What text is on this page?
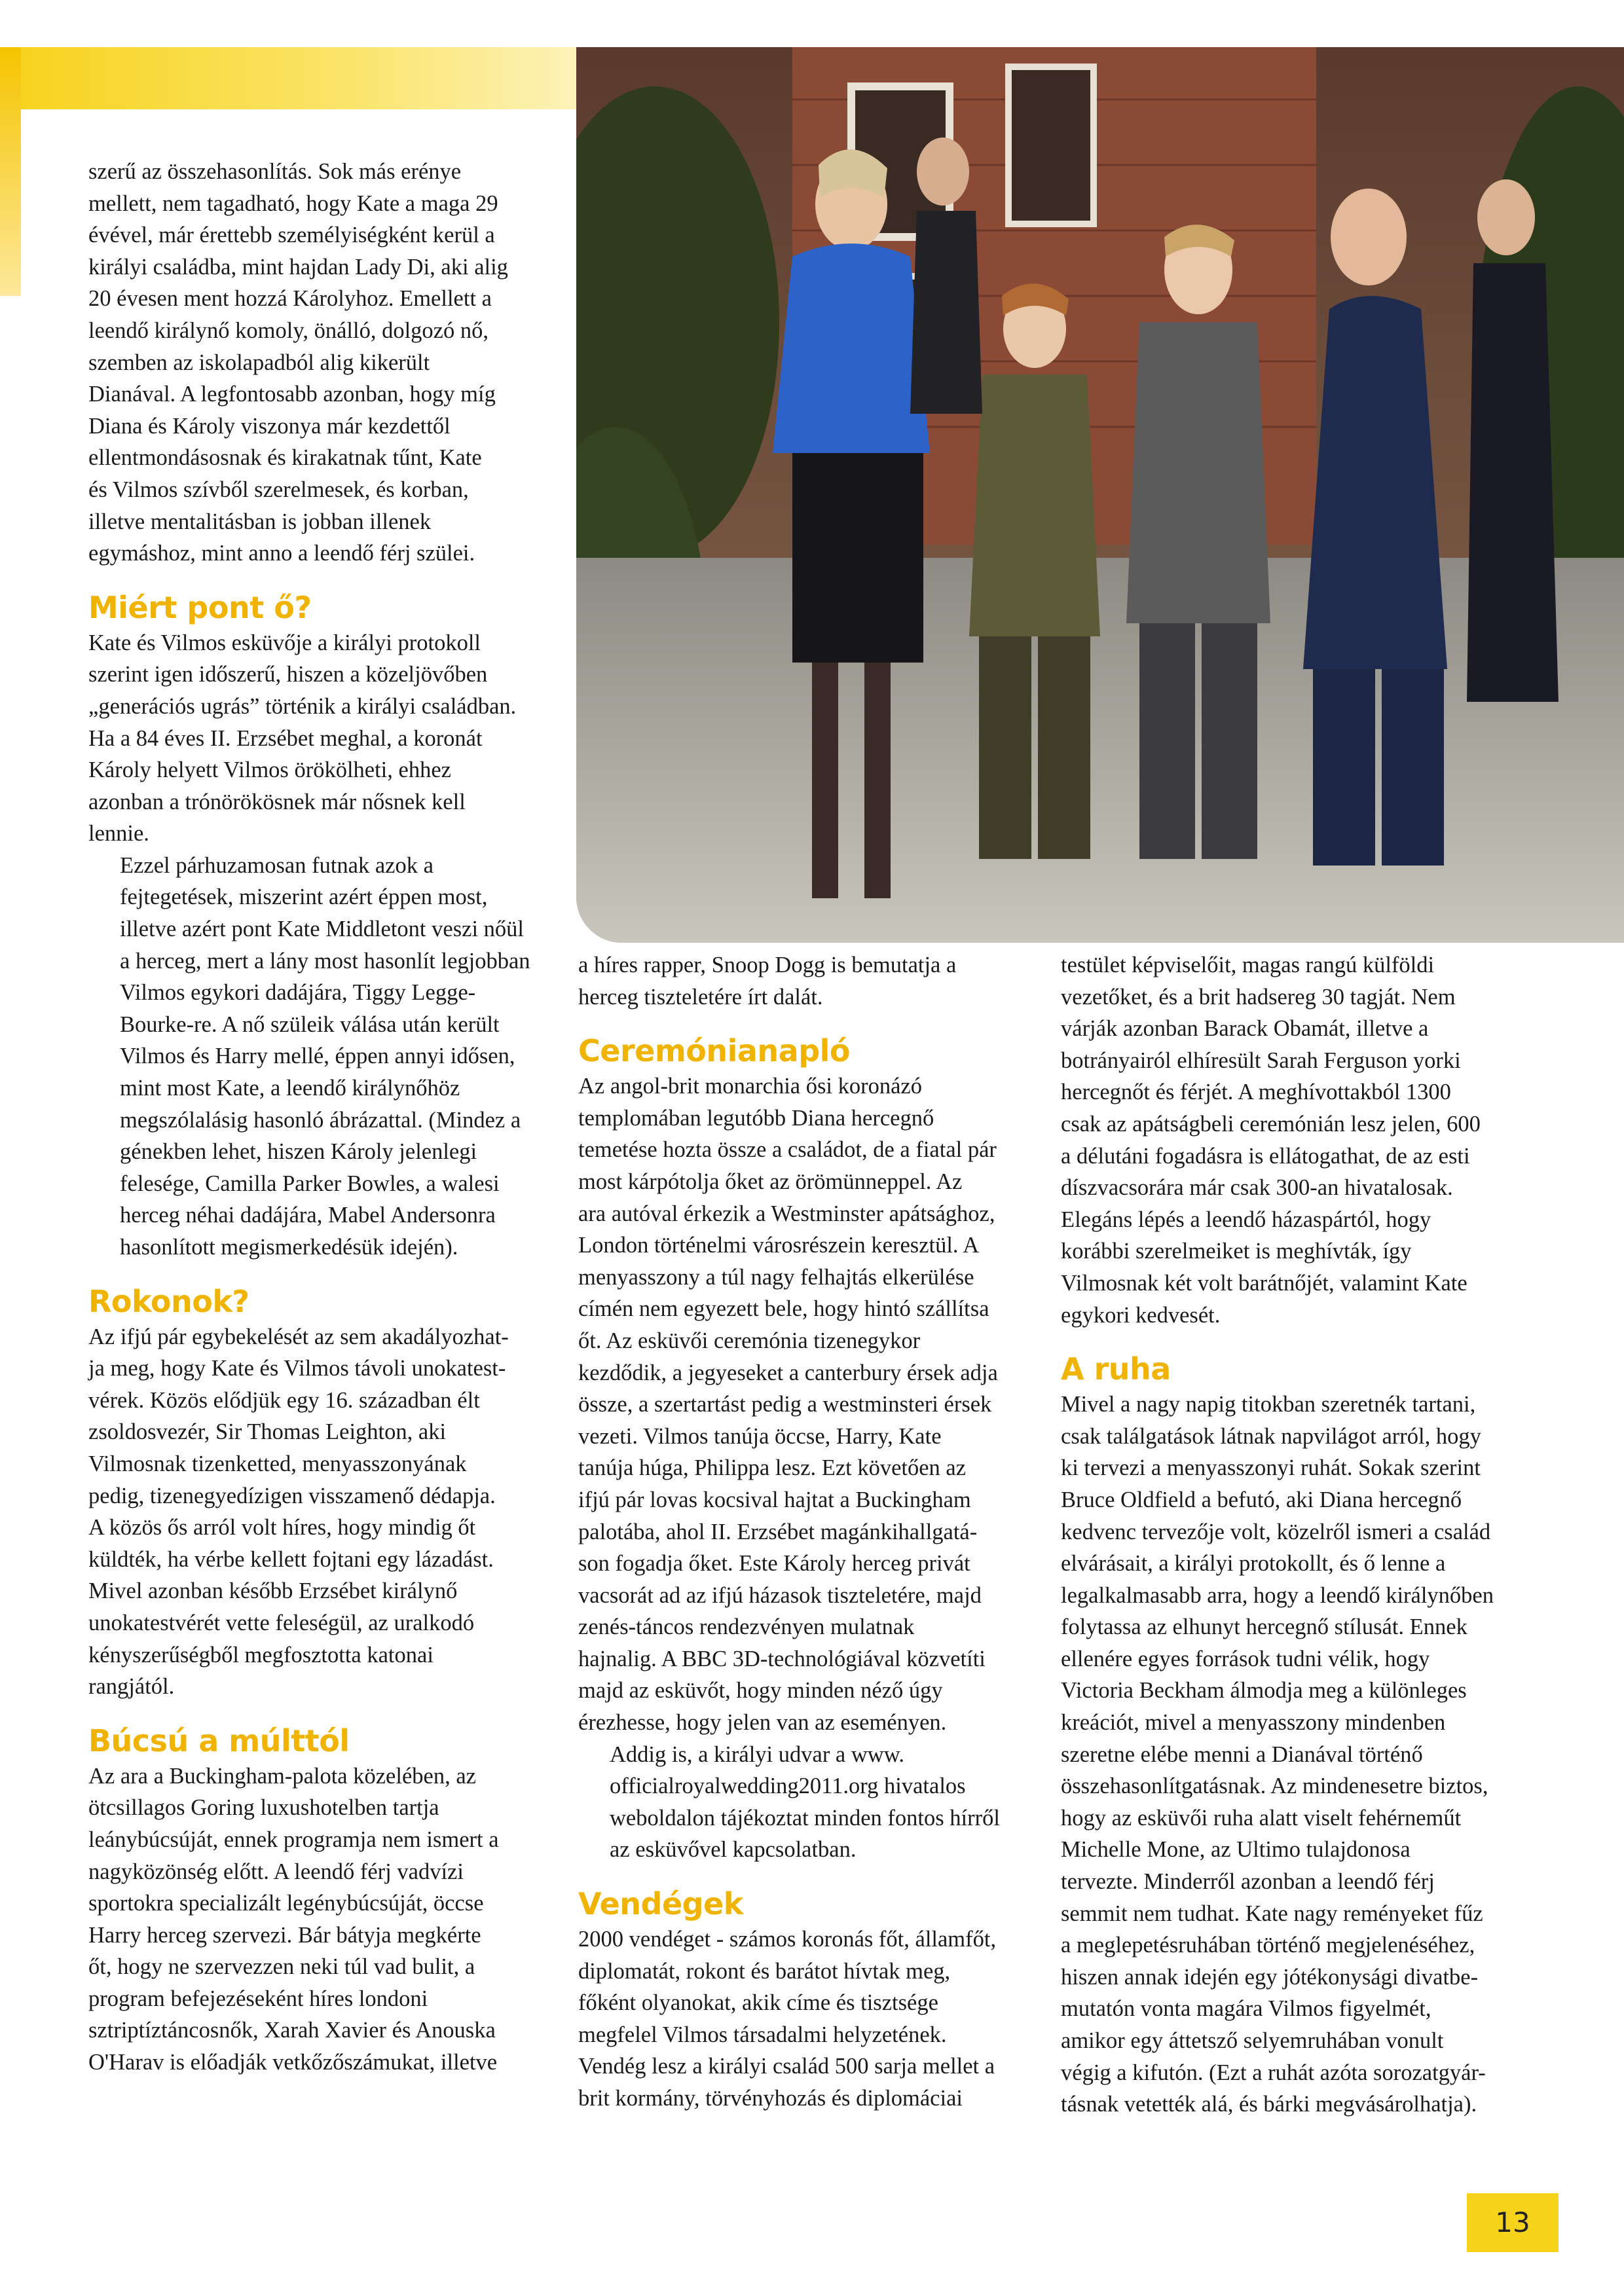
szerű az összehasonlítás. Sok más erénye
mellett, nem tagadható, hogy Kate a maga 29
évével, már érettebb személyiségként kerül a
királyi családba, mint hajdan Lady Di, aki alig
20 évesen ment hozzá Károlyhoz. Emellett a
leendő királynő komoly, önálló, dolgozó nő,
szemben az iskolapadból alig kikerült
Dianával. A legfontosabb azonban, hogy míg
Diana és Károly viszonya már kezdettől
ellentmondásosnak és kirakatnak tűnt, Kate
és Vilmos szívből szerelmesek, és korban,
illetve mentalitásban is jobban illenek
egymáshoz, mint anno a leendő férj szülei.

Miért pont ő?

Kate és Vilmos esküvője a királyi protokoll
szerint igen időszerű, hiszen a közeljövőben
„generációs ugrás” történik a királyi családban.
Ha a 84 éves II. Erzsébet meghal, a koronát
Károly helyett Vilmos örökölheti, ehhez
azonban a trónörökösnek már nősnek kell
lennie.

Ezzel párhuzamosan futnak azok a
fejtegetések, miszerint azért éppen most,
illetve azért pont Kate Middletont veszi nőül
a herceg, mert a lány most hasonlít legjobban
Vilmos egykori dadájára, Tiggy Legge-
Bourke-re. A nő szüleik válása után került
Vilmos és Harry mellé, éppen annyi idősen,
mint most Kate, a leendő királynőhöz
megszólalásig hasonló ábrázattal. (Mindez a
génekben lehet, hiszen Károly jelenlegi
felesége, Camilla Parker Bowles, a walesi
herceg néhai dadájára, Mabel Andersonra
hasonlított megismerkedésük idején).

Rokonok?

Az ifjú pár egybekelését az sem akadályozhat-
ja meg, hogy Kate és Vilmos távoli unokatest-
vérek. Közös elődjük egy 16. században élt
zsoldosvezér, Sir Thomas Leighton, aki
Vilmosnak tizenketted, menyasszonyának
pedig, tizenegyedízigen visszamenő dédapja.
A közös ős arról volt híres, hogy mindig őt
küldték, ha vérbe kellett fojtani egy lázadást.
Mivel azonban később Erzsébet királynő
unokatestvérét vette feleségül, az uralkodó
kényszerűségből megfosztotta katonai
rangjától.

Búcsú a múlttól

Az ara a Buckingham-palota közelében, az
ötcsillagos Goring luxushotelben tartja
leánybúcsúját, ennek programja nem ismert a
nagyközönség előtt. A leendő férj vadvízi
sportokra specializált legénybúcsúját, öccse
Harry herceg szervezi. Bár bátyja megkérte
őt, hogy ne szervezzen neki túl vad bulit, a
program befejezéseként híres londoni
sztriptíztáncosnők, Xarah Xavier és Anouska
O'Harav is előadják vetkőzőszámukat, illetve

a híres rapper, Snoop Dogg is bemutatja a
herceg tiszteletére írt dalát.

Ceremónianapló

Az angol-brit monarchia ősi koronázó
templomában legutóbb Diana hercegnő
temetése hozta össze a családot, de a fiatal pár
most kárpótolja őket az örömünneppel. Az
ara autóval érkezik a Westminster apátsághoz,
London történelmi városrészein keresztül. A
menyasszony a túl nagy felhajtás elkerülése
címén nem egyezett bele, hogy hintó szállítsa
őt. Az esküvői ceremónia tizenegykor
kezdődik, a jegyeseket a canterbury érsek adja
össze, a szertartást pedig a westminsteri érsek
vezeti. Vilmos tanúja öccse, Harry, Kate
tanúja húga, Philippa lesz. Ezt követően az
ifjú pár lovas kocsival hajtat a Buckingham
palotába, ahol II. Erzsébet magánkihallgatá-
son fogadja őket. Este Károly herceg privát
vacsorát ad az ifjú házasok tiszteletére, majd
zenés-táncos rendezvényen mulatnak
hajnalig. A BBC 3D-technológiával közvetíti
majd az esküvőt, hogy minden néző úgy
érezhesse, hogy jelen van az eseményen.

Addig is, a királyi udvar a www.
officialroyalwedding2011.org hivatalos
weboldalon tájékoztat minden fontos hírről
az esküvővel kapcsolatban.

Vendégek

2000 vendéget - számos koronás főt, államfőt,
diplomatát, rokont és barátot hívtak meg,
főként olyanokat, akik címe és tisztsége
megfelel Vilmos társadalmi helyzetének.
Vendég lesz a királyi család 500 sarja mellet a
brit kormány, törvényhozás és diplomáciai

testület képviselőit, magas rangú külföldi
vezetőket, és a brit hadsereg 30 tagját. Nem
várják azonban Barack Obamát, illetve a
botrányairól elhíresült Sarah Ferguson yorki
hercegnőt és férjét. A meghívottakból 1300
csak az apátságbeli ceremónián lesz jelen, 600
a délutáni fogadásra is ellátogathat, de az esti
díszvacsorára már csak 300-an hivatalosak.
Elegáns lépés a leendő házaspártól, hogy
korábbi szerelmeiket is meghívták, így
Vilmosnak két volt barátnőjét, valamint Kate
egykori kedvesét.

A ruha

Mivel a nagy napig titokban szeretnék tartani,
csak találgatások látnak napvilágot arról, hogy
ki tervezi a menyasszonyi ruhát. Sokak szerint
Bruce Oldfield a befutó, aki Diana hercegnő
kedvenc tervezője volt, közelről ismeri a család
elvárásait, a királyi protokollt, és ő lenne a
legalkalmasabb arra, hogy a leendő királynőben
folytassa az elhunyt hercegnő stílusát. Ennek
ellenére egyes források tudni vélik, hogy
Victoria Beckham álmodja meg a különleges
kreációt, mivel a menyasszony mindenben
szeretne elébe menni a Dianával történő
összehasonlítgatásnak. Az mindenesetre biztos,
hogy az esküvői ruha alatt viselt fehérneműt
Michelle Mone, az Ultimo tulajdonosa
tervezte. Minderről azonban a leendő férj
semmit nem tudhat. Kate nagy reményeket fűz
a meglepetésruhában történő megjelenéséhez,
hiszen annak idején egy jótékonysági divatbe-
mutatón vonta magára Vilmos figyelmét,
amikor egy áttetsző selyemruhában vonult
végig a kifutón. (Ezt a ruhát azóta sorozatgyár-
tásnak vetették alá, és bárki megvásárolhatja).

13
